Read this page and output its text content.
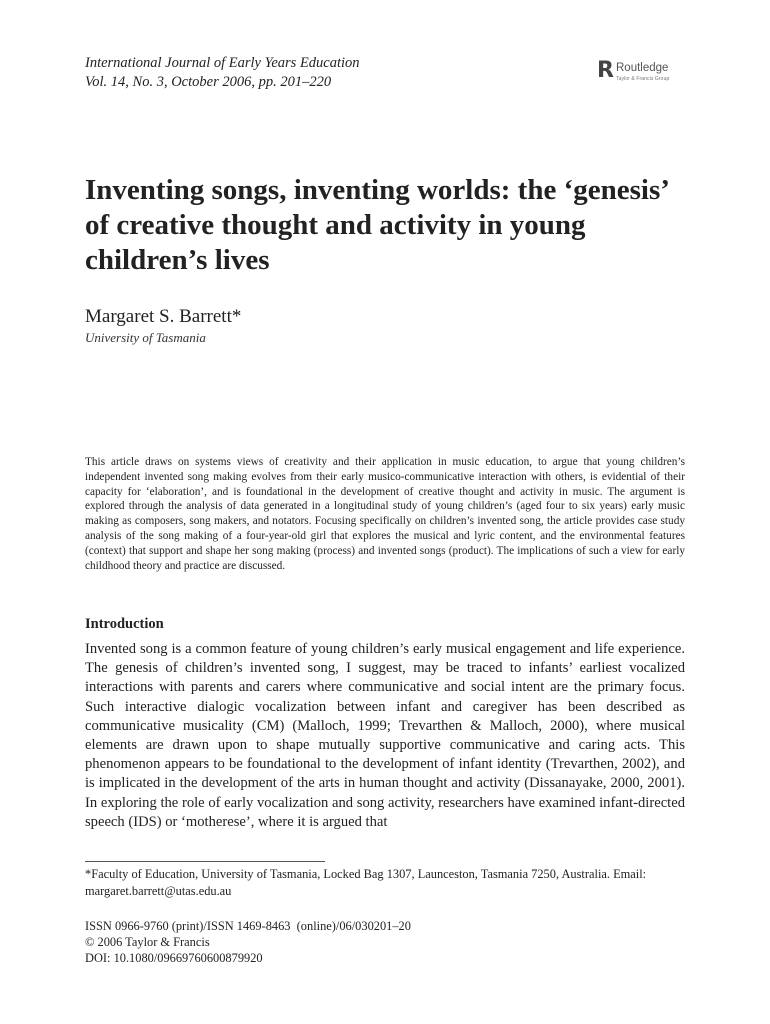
International Journal of Early Years Education
Vol. 14, No. 3, October 2006, pp. 201–220	R Routledge
Taylor & Francis Group
Inventing songs, inventing worlds: the ‘genesis’ of creative thought and activity in young children’s lives
Margaret S. Barrett*
University of Tasmania

This article draws on systems views of creativity and their application in music education, to argue that young children’s independent invented song making evolves from their early musico-communicative interaction with others, is evidential of their capacity for ‘elaboration’, and is foundational in the development of creative thought and activity in music. The argument is explored through the analysis of data generated in a longitudinal study of young children’s (aged four to six years) early music making as composers, song makers, and notators. Focusing specifically on children’s invented song, the article provides case study analysis of the song making of a four-year-old girl that explores the musical and lyric content, and the environmental features (context) that support and shape her song making (process) and invented songs (product). The implications of such a view for early childhood theory and practice are discussed.

Introduction

Invented song is a common feature of young children’s early musical engagement and life experience. The genesis of children’s invented song, I suggest, may be traced to infants’ earliest vocalized interactions with parents and carers where communicative and social intent are the primary focus. Such interactive dialogic vocalization between infant and caregiver has been described as communicative musicality (CM) (Malloch, 1999; Trevarthen & Malloch, 2000), where musical elements are drawn upon to shape mutually supportive communicative and caring acts. This phenomenon appears to be foundational to the development of infant identity (Trevarthen, 2002), and is implicated in the development of the arts in human thought and activity (Dissanayake, 2000, 2001). In exploring the role of early vocalization and song activity, researchers have examined infant-directed speech (IDS) or ‘motherese’, where it is argued that

*Faculty of Education, University of Tasmania, Locked Bag 1307, Launceston, Tasmania 7250, Australia. Email: margaret.barrett@utas.edu.au

ISSN 0966-9760 (print)/ISSN 1469-8463  (online)/06/030201–20
© 2006 Taylor & Francis
DOI: 10.1080/09669760600879920
